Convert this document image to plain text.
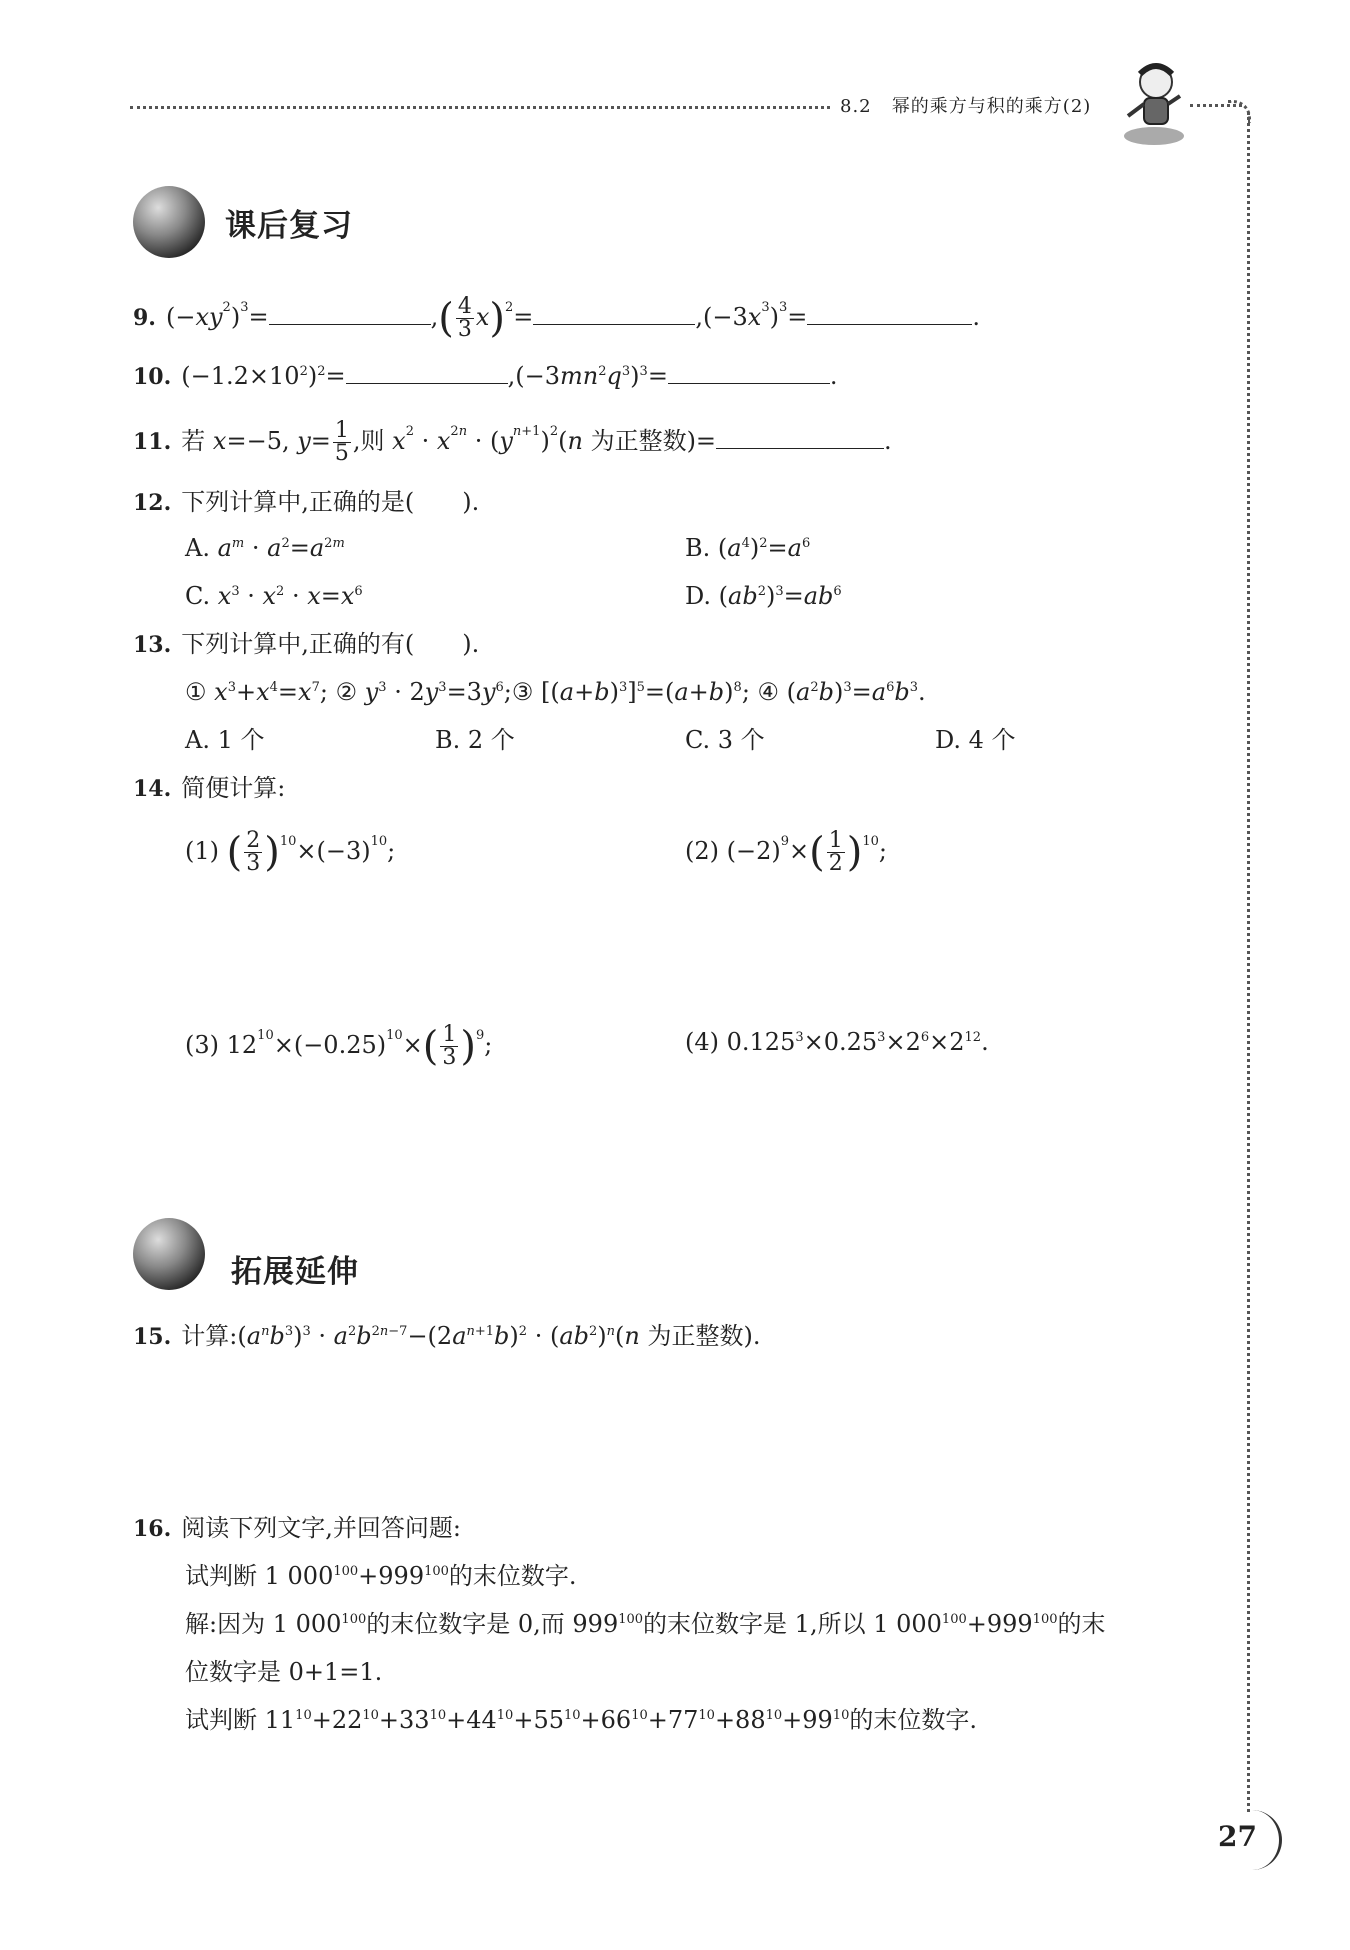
8.2 幂的乘方与积的乘方(2)
课后复习
9. $(-xy^2)^3=$	,( $\frac{4}{3} x)^2=$	$,(-3x^3)^3=$	.
10. $(-1.2\times 10^2)^2=$	$,(-3mn^2q^3)^3=$	.
11. 若 x=−5, $y= \frac{1}{5}$ ,则 $x^2 \cdot x^{2n} \cdot (y^{n+1})^2(n$ 为正整数)=	.
12. 下列计算中,正确的是(　　).
A. $a^m \cdot a^2=a^{2m}$	B. $(a^4)^2=a^6$
C. $x^3 \cdot x^2 \cdot x=x^6$	D. $(ab^2)^3=ab^6$
13. 下列计算中,正确的有(　　).
① $x^3+x^4=x^7$; ② $y^3$ · $2y^3=3y^6;③$ $[(a+b)^3]^5=(a+b)^8$; ④ $(a^2b)^3=a^6b^3$.
A. 1 个	B. 2 个	C. 3 个	D. 4 个
14. 简便计算:
(1) ( $\frac{2}{3} )^{10}\times(-3)^{10}$;	(2) $(-2)^9\times( \frac{1}{2} )^{10}$;
(3) $12^{10}\times(-0.25)^{10}\times( \frac{1}{3} )^9$;	(4) $0.125^3\times 0.25^3\times 2^6\times 2^{12}$.
拓展延伸
15. 计算$:(a^nb^3)^3 \cdot a^2b^{2n-7}-(2a^{n+1}b)^2 \cdot (ab^2)^n(n$ 为正整数).
16. 阅读下列文字,并回答问题:
试判断 1 $000^{100}+999^{100}$的末位数字.
解:因为 1 $000^{100}$的末位数字是 0,而 $999^{100}$的末位数字是 1,所以 1 $000^{100}+999^{100}$的末
位数字是 0+1=1.
试判断 $11^{10}+22^{10}+33^{10}+44^{10}+55^{10}+66^{10}+77^{10}+88^{10}+99^{10}$的末位数字.
27
